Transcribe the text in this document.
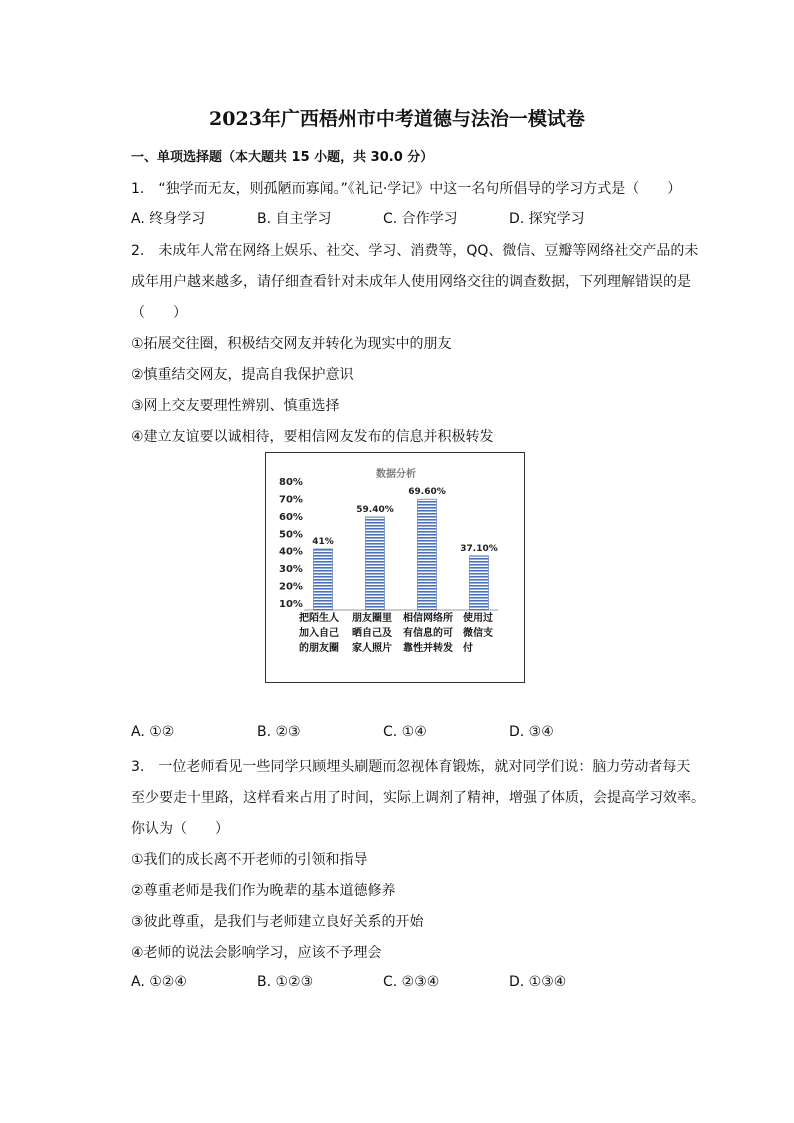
2023年广西梧州市中考道德与法治一模试卷
一、单项选择题（本大题共 15 小题，共 30.0 分）
1.　“独学而无友，则孤陋而寡闻。”《礼记·学记》中这一名句所倡导的学习方式是（　　）
A. 终身学习	B. 自主学习	C. 合作学习	D. 探究学习
2.　未成年人常在网络上娱乐、社交、学习、消费等，QQ、微信、豆瓣等网络社交产品的未
成年用户越来越多，请仔细查看针对未成年人使用网络交往的调查数据，下列理解错误的是
（　　）
①拓展交往圈，积极结交网友并转化为现实中的朋友
②慎重结交网友，提高自我保护意识
③网上交友要理性辨别、慎重选择
④建立友谊要以诚相待，要相信网友发布的信息并积极转发
数据分析
80%
70%
60%
50%
40%
30%
20%
10%
41%
59.40%
69.60%
37.10%
把陌生人
加入自己
的朋友圈
朋友圈里
晒自己及
家人照片
相信网络所
有信息的可
靠性并转发
使用过
微信支
付
A. ①②	B. ②③	C. ①④	D. ③④
3.　一位老师看见一些同学只顾埋头刷题而忽视体育锻炼，就对同学们说：脑力劳动者每天
至少要走十里路，这样看来占用了时间，实际上调剂了精神，增强了体质，会提高学习效率。
你认为（　　）
①我们的成长离不开老师的引领和指导
②尊重老师是我们作为晚辈的基本道德修养
③彼此尊重，是我们与老师建立良好关系的开始
④老师的说法会影响学习，应该不予理会
A. ①②④	B. ①②③	C. ②③④	D. ①③④
